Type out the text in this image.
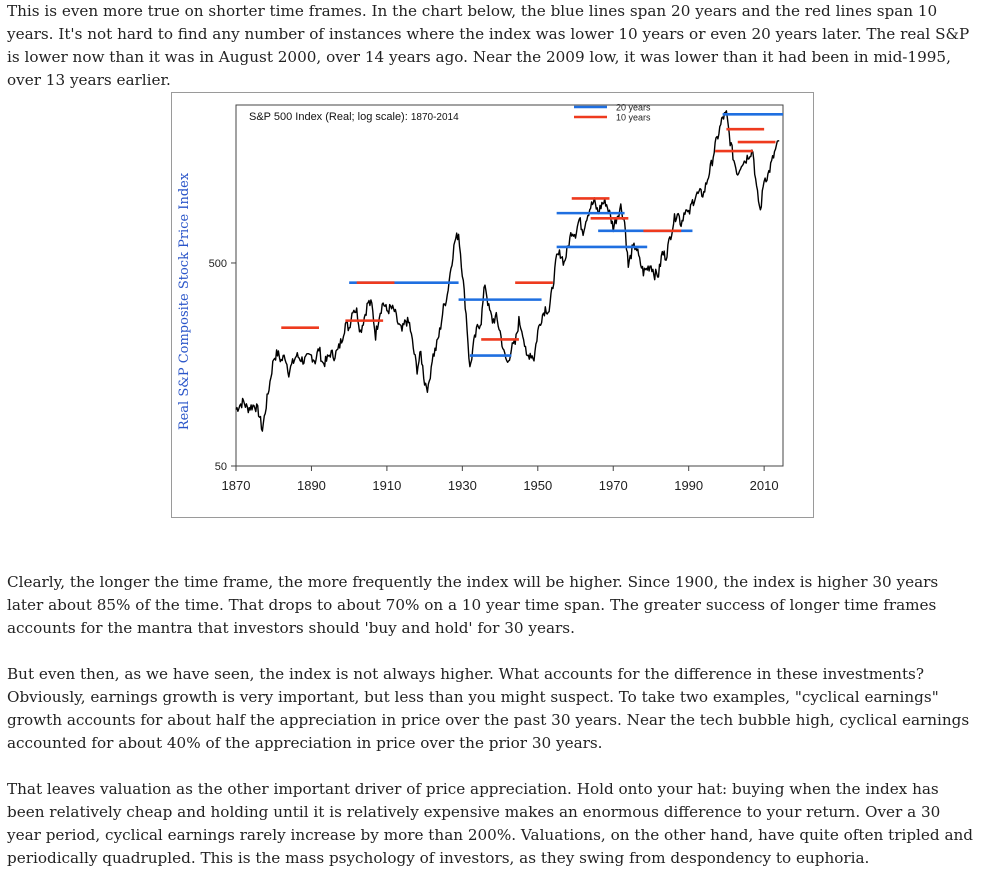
This is even more true on shorter time frames. In the chart below, the blue lines span 20 years and the red lines span 10 years. It's not hard to find any number of instances where the index was lower 10 years or even 20 years later. The real S&P is lower now than it was in August 2000, over 14 years ago. Near the 2009 low, it was lower than it had been in mid-1995, over 13 years earlier.

1870	1890	1910	1930	1950	1970	1990	2010
50
500
Real S&P Composite Stock Price Index
S&P 500 Index (Real; log scale): 1870-2014
20 years
10 years

Clearly, the longer the time frame, the more frequently the index will be higher. Since 1900, the index is higher 30 years later about 85% of the time. That drops to about 70% on a 10 year time span. The greater success of longer time frames accounts for the mantra that investors should 'buy and hold' for 30 years.

But even then, as we have seen, the index is not always higher. What accounts for the difference in these investments? Obviously, earnings growth is very important, but less than you might suspect. To take two examples, "cyclical earnings" growth accounts for about half the appreciation in price over the past 30 years. Near the tech bubble high, cyclical earnings accounted for about 40% of the appreciation in price over the prior 30 years.

That leaves valuation as the other important driver of price appreciation. Hold onto your hat: buying when the index has been relatively cheap and holding until it is relatively expensive makes an enormous difference to your return. Over a 30 year period, cyclical earnings rarely increase by more than 200%. Valuations, on the other hand, have quite often tripled and periodically quadrupled. This is the mass psychology of investors, as they swing from despondency to euphoria.
